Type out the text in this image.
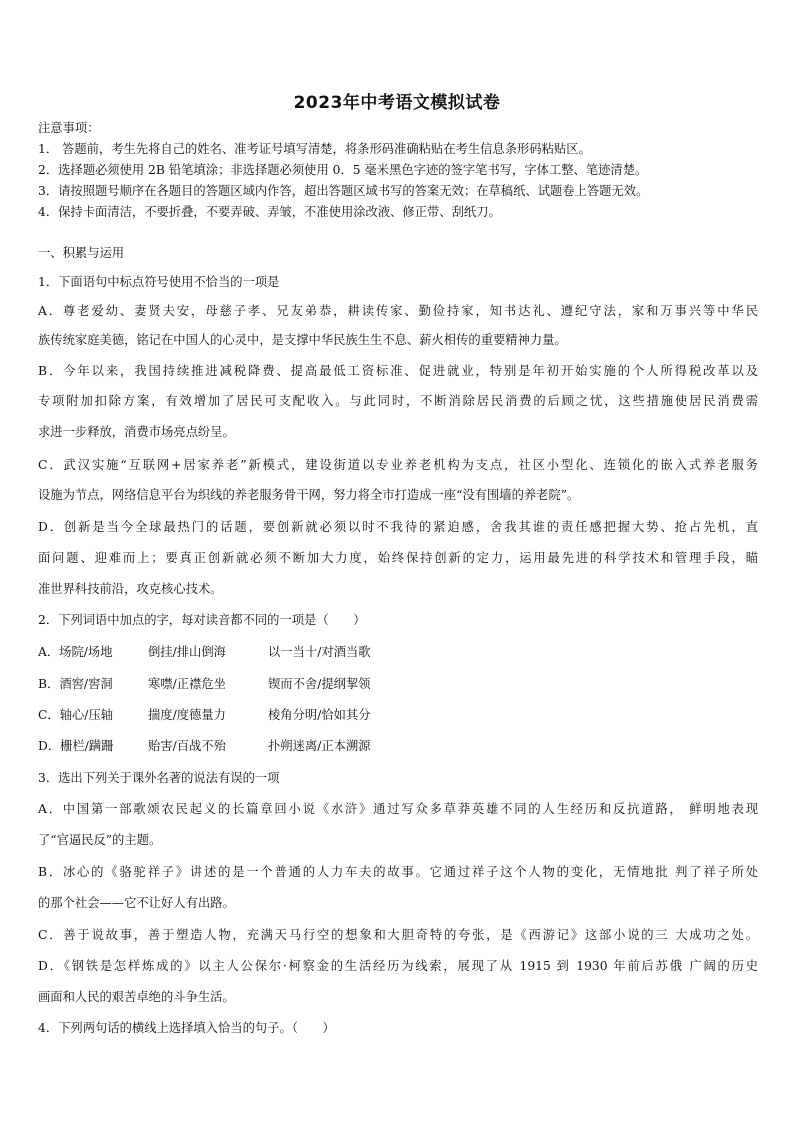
2023年中考语文模拟试卷
注意事项：
1． 答题前，考生先将自己的姓名、准考证号填写清楚，将条形码准确粘贴在考生信息条形码粘贴区。
2．选择题必须使用 2B 铅笔填涂；非选择题必须使用 0．5 毫米黑色字迹的签字笔书写，字体工整、笔迹清楚。
3．请按照题号顺序在各题目的答题区域内作答，超出答题区域书写的答案无效；在草稿纸、试题卷上答题无效。
4．保持卡面清洁，不要折叠，不要弄破、弄皱，不准使用涂改液、修正带、刮纸刀。
一、积累与运用
1．下面语句中标点符号使用不恰当的一项是
A．尊老爱幼、妻贤夫安，母慈子孝、兄友弟恭，耕读传家、勤俭持家，知书达礼、遵纪守法，家和万事兴等中华民
族传统家庭美德，铭记在中国人的心灵中，是支撑中华民族生生不息、薪火相传的重要精神力量。
B．今年以来，我国持续推进减税降费、提高最低工资标准、促进就业，特别是年初开始实施的个人所得税改革以及
专项附加扣除方案，有效增加了居民可支配收入。与此同时，不断消除居民消费的后顾之忧，这些措施使居民消费需
求进一步释放，消费市场亮点纷呈。
C．武汉实施“互联网+居家养老”新模式，建设街道以专业养老机构为支点，社区小型化、连锁化的嵌入式养老服务
设施为节点，网络信息平台为织线的养老服务骨干网，努力将全市打造成一座“没有围墙的养老院”。
D．创新是当今全球最热门的话题，要创新就必须以时不我待的紧迫感，舍我其谁的责任感把握大势、抢占先机，直
面问题、迎难而上；要真正创新就必须不断加大力度，始终保持创新的定力，运用最先进的科学技术和管理手段，瞄
准世界科技前沿，攻克核心技术。
2．下列词语中加点的字，每对读音都不同的一项是（　　）
A．场院/场地	倒挂/排山倒海	以一当十/对酒当歌
B．酒窖/窖洞	寒噤/正襟危坐	锲而不舍/提纲挈领
C．轴心/压轴	揣度/度德量力	棱角分明/恰如其分
D．栅栏/蹒跚	贻害/百战不殆	扑朔迷离/正本溯源
3．选出下列关于课外名著的说法有误的一项
A．中国第一部歌颂农民起义的长篇章回小说《水浒》通过写众多草莽英雄不同的人生经历和反抗道路， 鲜明地表现
了“官逼民反”的主题。
B．冰心的《骆驼祥子》讲述的是一个普通的人力车夫的故事。它通过祥子这个人物的变化，无情地批 判了祥子所处
的那个社会——它不让好人有出路。
C．善于说故事，善于塑造人物，充满天马行空的想象和大胆奇特的夸张，是《西游记》这部小说的三 大成功之处。
D．《钢铁是怎样炼成的》以主人公保尔·柯察金的生活经历为线索，展现了从 1915 到 1930 年前后苏俄 广阔的历史
画面和人民的艰苦卓绝的斗争生活。
4．下列两句话的横线上选择填入恰当的句子。（　　）
